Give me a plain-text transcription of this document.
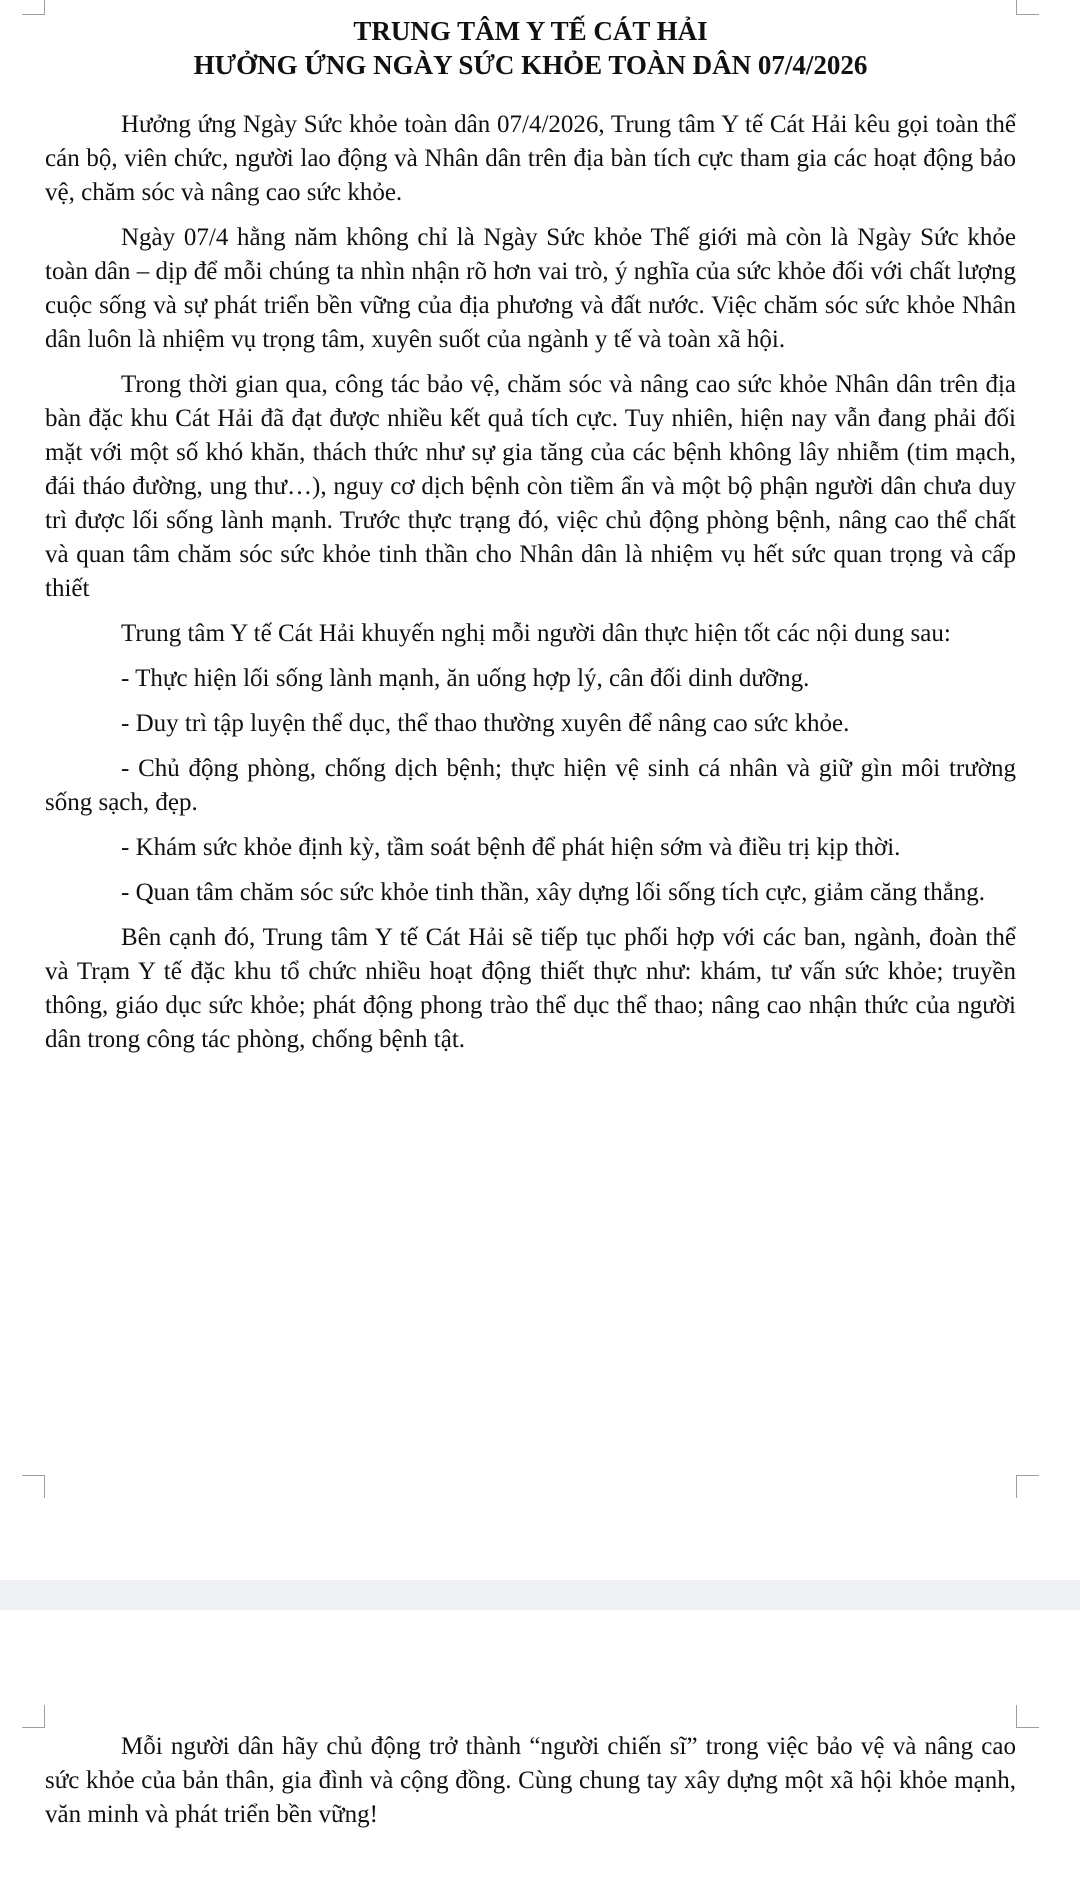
TRUNG TÂM Y TẾ CÁT HẢI
HƯỞNG ỨNG NGÀY SỨC KHỎE TOÀN DÂN 07/4/2026

Hưởng ứng Ngày Sức khỏe toàn dân 07/4/2026, Trung tâm Y tế Cát Hải kêu gọi toàn thể cán bộ, viên chức, người lao động và Nhân dân trên địa bàn tích cực tham gia các hoạt động bảo vệ, chăm sóc và nâng cao sức khỏe.

Ngày 07/4 hằng năm không chỉ là Ngày Sức khỏe Thế giới mà còn là Ngày Sức khỏe toàn dân – dịp để mỗi chúng ta nhìn nhận rõ hơn vai trò, ý nghĩa của sức khỏe đối với chất lượng cuộc sống và sự phát triển bền vững của địa phương và đất nước. Việc chăm sóc sức khỏe Nhân dân luôn là nhiệm vụ trọng tâm, xuyên suốt của ngành y tế và toàn xã hội.

Trong thời gian qua, công tác bảo vệ, chăm sóc và nâng cao sức khỏe Nhân dân trên địa bàn đặc khu Cát Hải đã đạt được nhiều kết quả tích cực. Tuy nhiên, hiện nay vẫn đang phải đối mặt với một số khó khăn, thách thức như sự gia tăng của các bệnh không lây nhiễm (tim mạch, đái tháo đường, ung thư…), nguy cơ dịch bệnh còn tiềm ẩn và một bộ phận người dân chưa duy trì được lối sống lành mạnh. Trước thực trạng đó, việc chủ động phòng bệnh, nâng cao thể chất và quan tâm chăm sóc sức khỏe tinh thần cho Nhân dân là nhiệm vụ hết sức quan trọng và cấp thiết

Trung tâm Y tế Cát Hải khuyến nghị mỗi người dân thực hiện tốt các nội dung sau:

- Thực hiện lối sống lành mạnh, ăn uống hợp lý, cân đối dinh dưỡng.

- Duy trì tập luyện thể dục, thể thao thường xuyên để nâng cao sức khỏe.

- Chủ động phòng, chống dịch bệnh; thực hiện vệ sinh cá nhân và giữ gìn môi trường sống sạch, đẹp.

- Khám sức khỏe định kỳ, tầm soát bệnh để phát hiện sớm và điều trị kịp thời.

- Quan tâm chăm sóc sức khỏe tinh thần, xây dựng lối sống tích cực, giảm căng thẳng.

Bên cạnh đó, Trung tâm Y tế Cát Hải sẽ tiếp tục phối hợp với các ban, ngành, đoàn thể và Trạm Y tế đặc khu tổ chức nhiều hoạt động thiết thực như: khám, tư vấn sức khỏe; truyền thông, giáo dục sức khỏe; phát động phong trào thể dục thể thao; nâng cao nhận thức của người dân trong công tác phòng, chống bệnh tật.

Mỗi người dân hãy chủ động trở thành “người chiến sĩ” trong việc bảo vệ và nâng cao sức khỏe của bản thân, gia đình và cộng đồng. Cùng chung tay xây dựng một xã hội khỏe mạnh, văn minh và phát triển bền vững!
